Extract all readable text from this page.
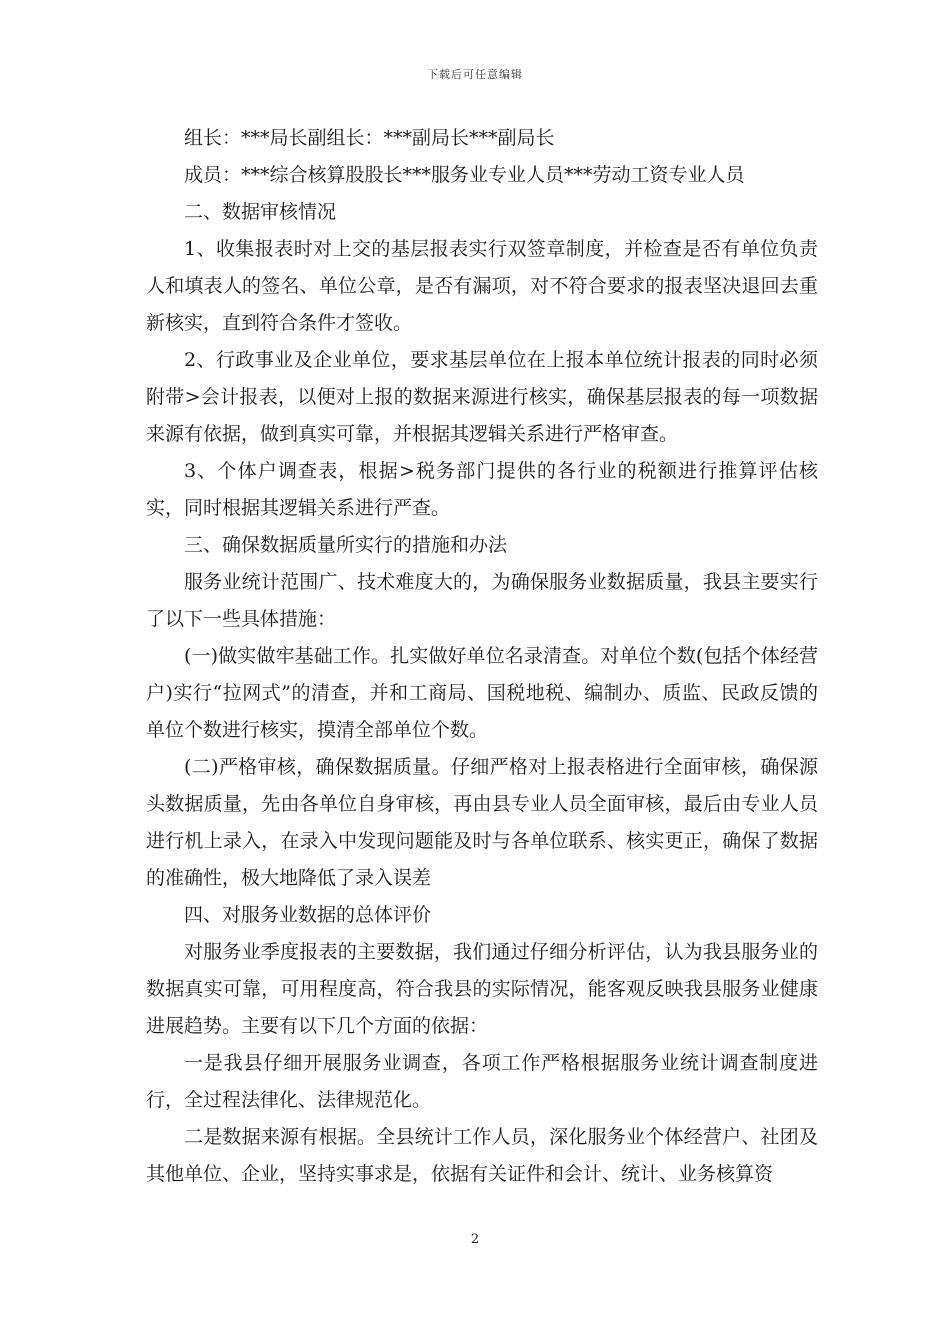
下载后可任意编辑

组长：***局长副组长：***副局长***副局长

成员：***综合核算股股长***服务业专业人员***劳动工资专业人员

二、数据审核情况

1、收集报表时对上交的基层报表实行双签章制度，并检查是否有单位负责人和填表人的签名、单位公章，是否有漏项，对不符合要求的报表坚决退回去重新核实，直到符合条件才签收。

2、行政事业及企业单位，要求基层单位在上报本单位统计报表的同时必须附带>会计报表，以便对上报的数据来源进行核实，确保基层报表的每一项数据来源有依据，做到真实可靠，并根据其逻辑关系进行严格审查。

3、个体户调查表，根据>税务部门提供的各行业的税额进行推算评估核实，同时根据其逻辑关系进行严查。

三、确保数据质量所实行的措施和办法

服务业统计范围广、技术难度大的，为确保服务业数据质量，我县主要实行了以下一些具体措施：

(一)做实做牢基础工作。扎实做好单位名录清查。对单位个数(包括个体经营户)实行“拉网式”的清查，并和工商局、国税地税、编制办、质监、民政反馈的单位个数进行核实，摸清全部单位个数。

(二)严格审核，确保数据质量。仔细严格对上报表格进行全面审核，确保源头数据质量，先由各单位自身审核，再由县专业人员全面审核，最后由专业人员进行机上录入，在录入中发现问题能及时与各单位联系、核实更正，确保了数据的准确性，极大地降低了录入误差

四、对服务业数据的总体评价

对服务业季度报表的主要数据，我们通过仔细分析评估，认为我县服务业的数据真实可靠，可用程度高，符合我县的实际情况，能客观反映我县服务业健康进展趋势。主要有以下几个方面的依据：

一是我县仔细开展服务业调查，各项工作严格根据服务业统计调查制度进行，全过程法律化、法律规范化。

二是数据来源有根据。全县统计工作人员，深化服务业个体经营户、社团及其他单位、企业，坚持实事求是，依据有关证件和会计、统计、业务核算资

2
